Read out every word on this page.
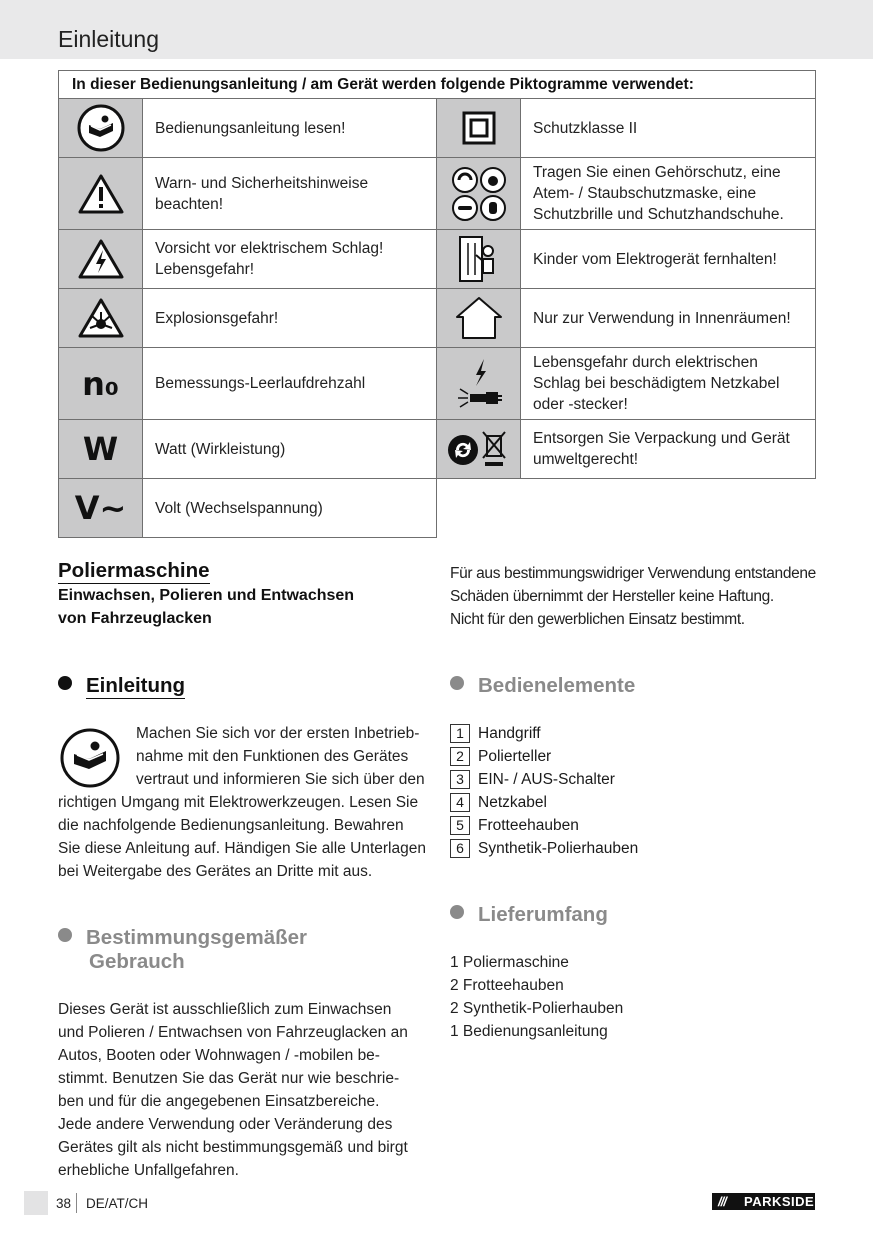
Einleitung
In dieser Bedienungsanleitung / am Gerät werden folgende Piktogramme verwendet:			

	Bedienungsanleitung lesen!		Schutzklasse II

	Warn- und Sicherheitshinweise beachten!		Tragen Sie einen Gehörschutz, eine Atem- / Staubschutzmaske, eine Schutzbrille und Schutzhandschuhe.

	Vorsicht vor elektrischem Schlag! Lebensgefahr!		Kinder vom Elektrogerät fernhalten!

	Explosionsgefahr!		Nur zur Verwendung in Innenräumen!
n₀	Bemessungs-Leerlaufdrehzahl		Lebensgefahr durch elektrischen Schlag bei beschädigtem Netzkabel oder -stecker!
W	Watt (Wirkleistung)		Entsorgen Sie Verpackung und Gerät umweltgerecht!
V~	Volt (Wechselspannung)		
Poliermaschine
Einwachsen, Polieren und Entwachsen
von Fahrzeuglacken
Für aus bestimmungswidriger Verwendung entstandene
Schäden übernimmt der Hersteller keine Haftung.
Nicht für den gewerblichen Einsatz bestimmt.
Einleitung
Machen Sie sich vor der ersten Inbetrieb-
nahme mit den Funktionen des Gerätes
vertraut und informieren Sie sich über den
richtigen Umgang mit Elektrowerkzeugen. Lesen Sie
die nachfolgende Bedienungsanleitung. Bewahren
Sie diese Anleitung auf. Händigen Sie alle Unterlagen
bei Weitergabe des Gerätes an Dritte mit aus.
Bestimmungsgemäßer
Gebrauch
Dieses Gerät ist ausschließlich zum Einwachsen
und Polieren / Entwachsen von Fahrzeuglacken an
Autos, Booten oder Wohnwagen / -mobilen be-
stimmt. Benutzen Sie das Gerät nur wie beschrie-
ben und für die angegebenen Einsatzbereiche.
Jede andere Verwendung oder Veränderung des
Gerätes gilt als nicht bestimmungsgemäß und birgt
erhebliche Unfallgefahren.
Bedienelemente
1 Handgriff
2 Polierteller
3 EIN- / AUS-Schalter
4 Netzkabel
5 Frotteehauben
6 Synthetik-Polierhauben
Lieferumfang
1 Poliermaschine
2 Frotteehauben
2 Synthetik-Polierhauben
1 Bedienungsanleitung
38 DE/AT/CH	/// PARKSIDE
